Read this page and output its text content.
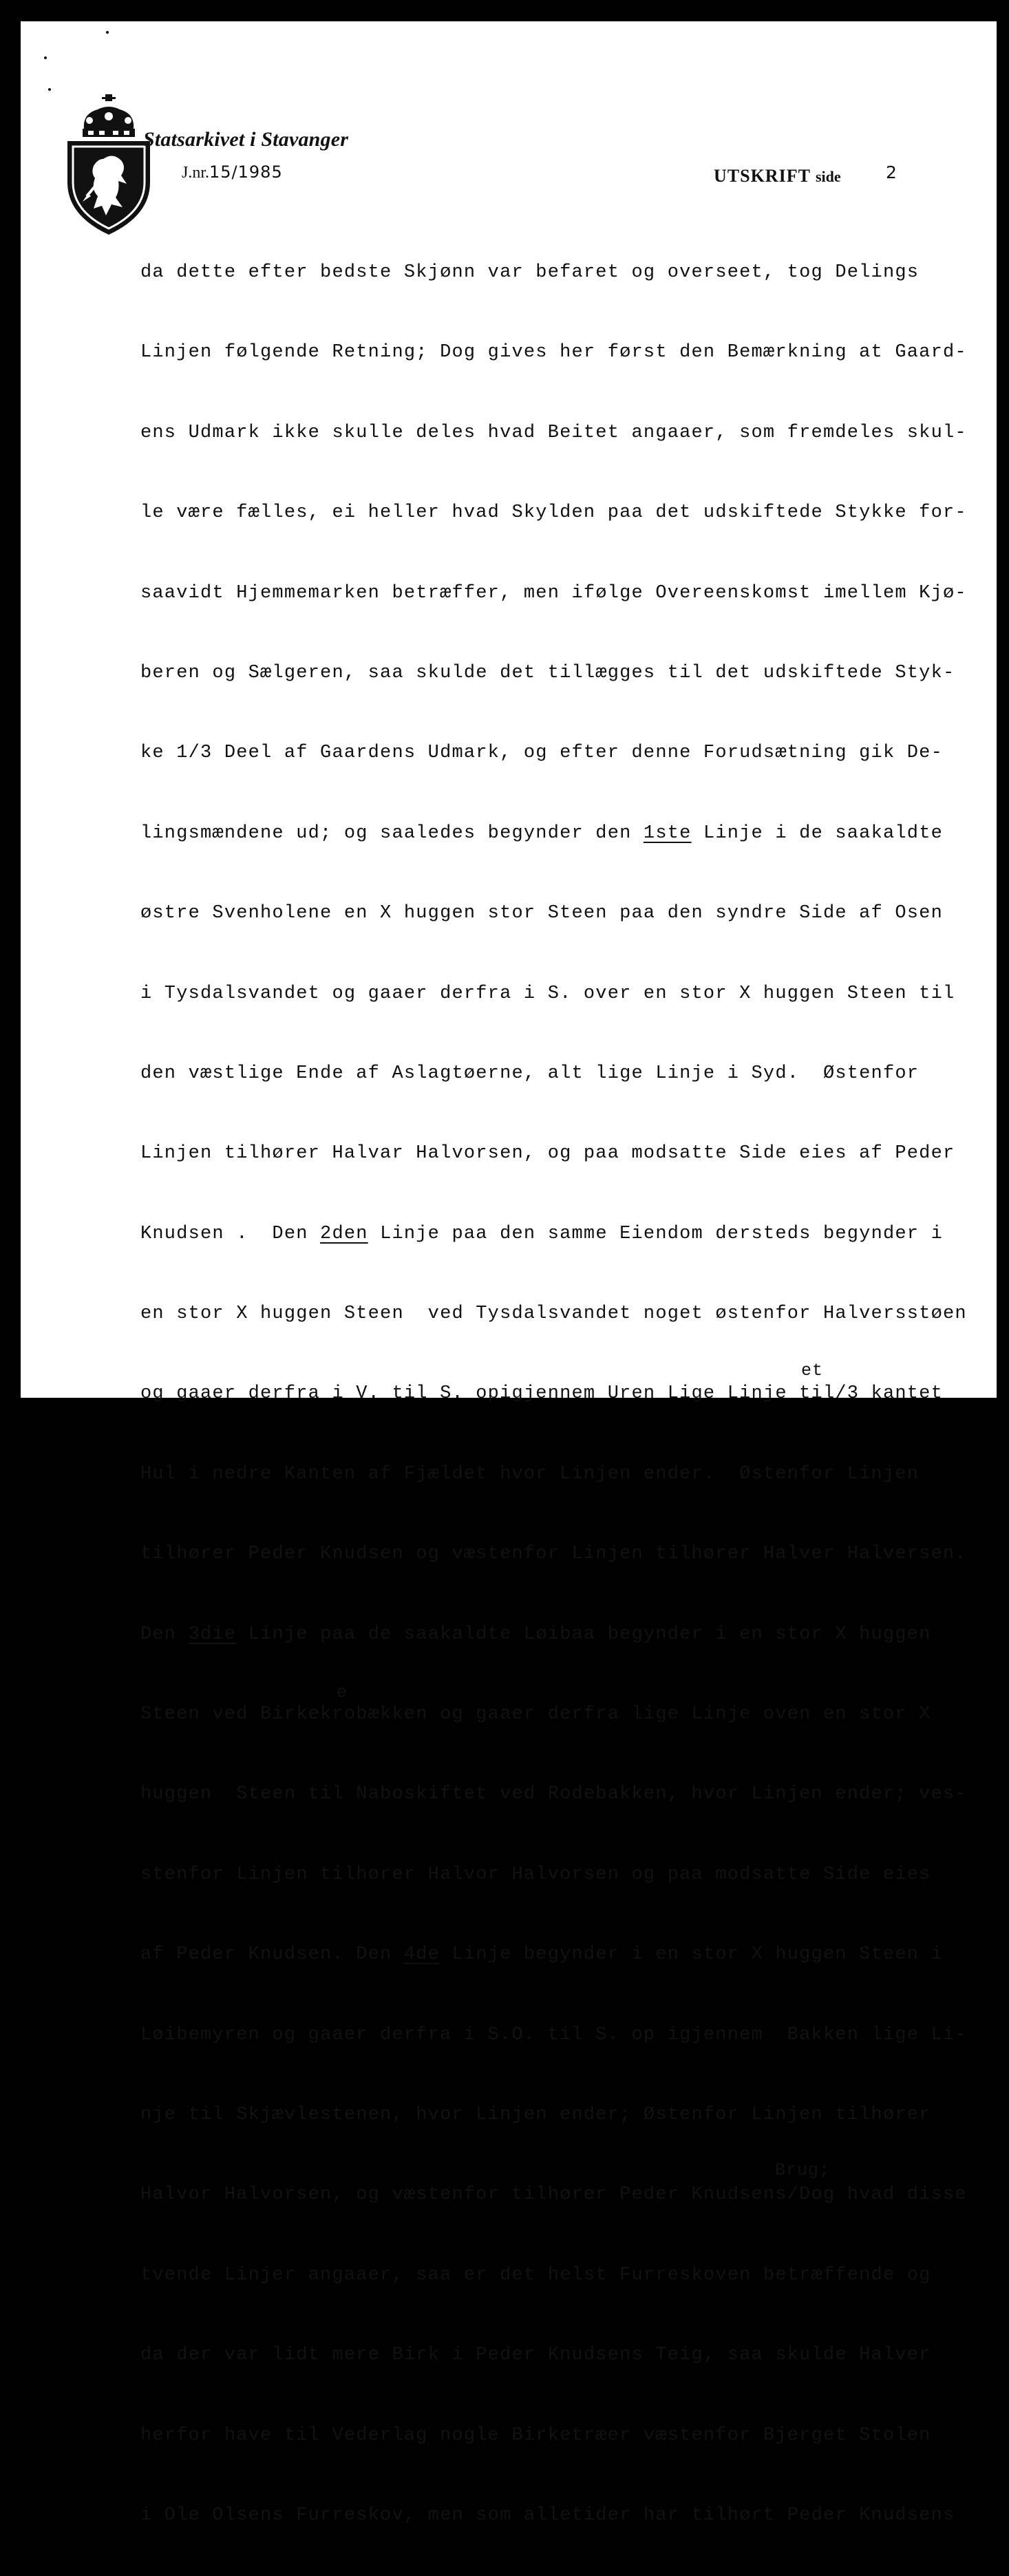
Statsarkivet i Stavanger
J.nr.15/1985	UTSKRIFT side	2

da dette efter bedste Skjønn var befaret og overseet, tog Delings

Linjen følgende Retning; Dog gives her først den Bemærkning at Gaard-

ens Udmark ikke skulle deles hvad Beitet angaaer, som fremdeles skul-

le være fælles, ei heller hvad Skylden paa det udskiftede Stykke for-

saavidt Hjemmemarken betræffer, men ifølge Overeenskomst imellem Kjø-

beren og Sælgeren, saa skulde det tillægges til det udskiftede Styk-

ke 1/3 Deel af Gaardens Udmark, og efter denne Forudsætning gik De-

lingsmændene ud; og saaledes begynder den 1ste Linje i de saakaldte

østre Svenholene en X huggen stor Steen paa den syndre Side af Osen

i Tysdalsvandet og gaaer derfra i S. over en stor X huggen Steen til

den væstlige Ende af Aslagtøerne, alt lige Linje i Syd.  Østenfor

Linjen tilhører Halvar Halvorsen, og paa modsatte Side eies af Peder

Knudsen .  Den 2den Linje paa den samme Eiendom dersteds begynder i

en stor X huggen Steen  ved Tysdalsvandet noget østenfor Halversstøen

og gaaer derfra i V. til S. opigjennem Uren Lige Linje til/3 kantet
et

Hul i nedre Kanten af Fjældet hvor Linjen ender.  Østenfor Linjen

tilhører Peder Knudsen og væstenfor Linjen tilhører Halver Halversen.

Den 3die Linje paa de saakaldte Løibaa begynder i en stor X huggen

Steen ved Birkekrobækken og gaaer derfra lige Linje oven en stor X
e

huggen  Steen til Naboskiftet ved Rodebakken, hvor Linjen ender; ves-

stenfor Linjen tilhører Halvor Halvorsen og paa modsatte Side eies

af Peder Knudsen. Den 4de Linje begynder i en stor X huggen Steen i

Løibemyren og gaaer derfra i S.O. til S. op igjennem  Bakken lige Li-

nje til Skjævlestenen, hvor Linjen ender; Østenfor Linjen tilhører

Halvor Halvorsen, og væstenfor tilhører Peder Knudsens/Dog hvad disse
Brug;

tvende Linjer angaaer, saa er det helst Furreskoven betræffende og

da der var lidt mere Birk i Peder Knudsens Teig, saa skulde Halver

herfor have til Vederlag nogle Birketræer væstenfor Bjerget Stolen

i Ole Olsens Furreskov, men som alletider har tilhørt Peder Knudsens
